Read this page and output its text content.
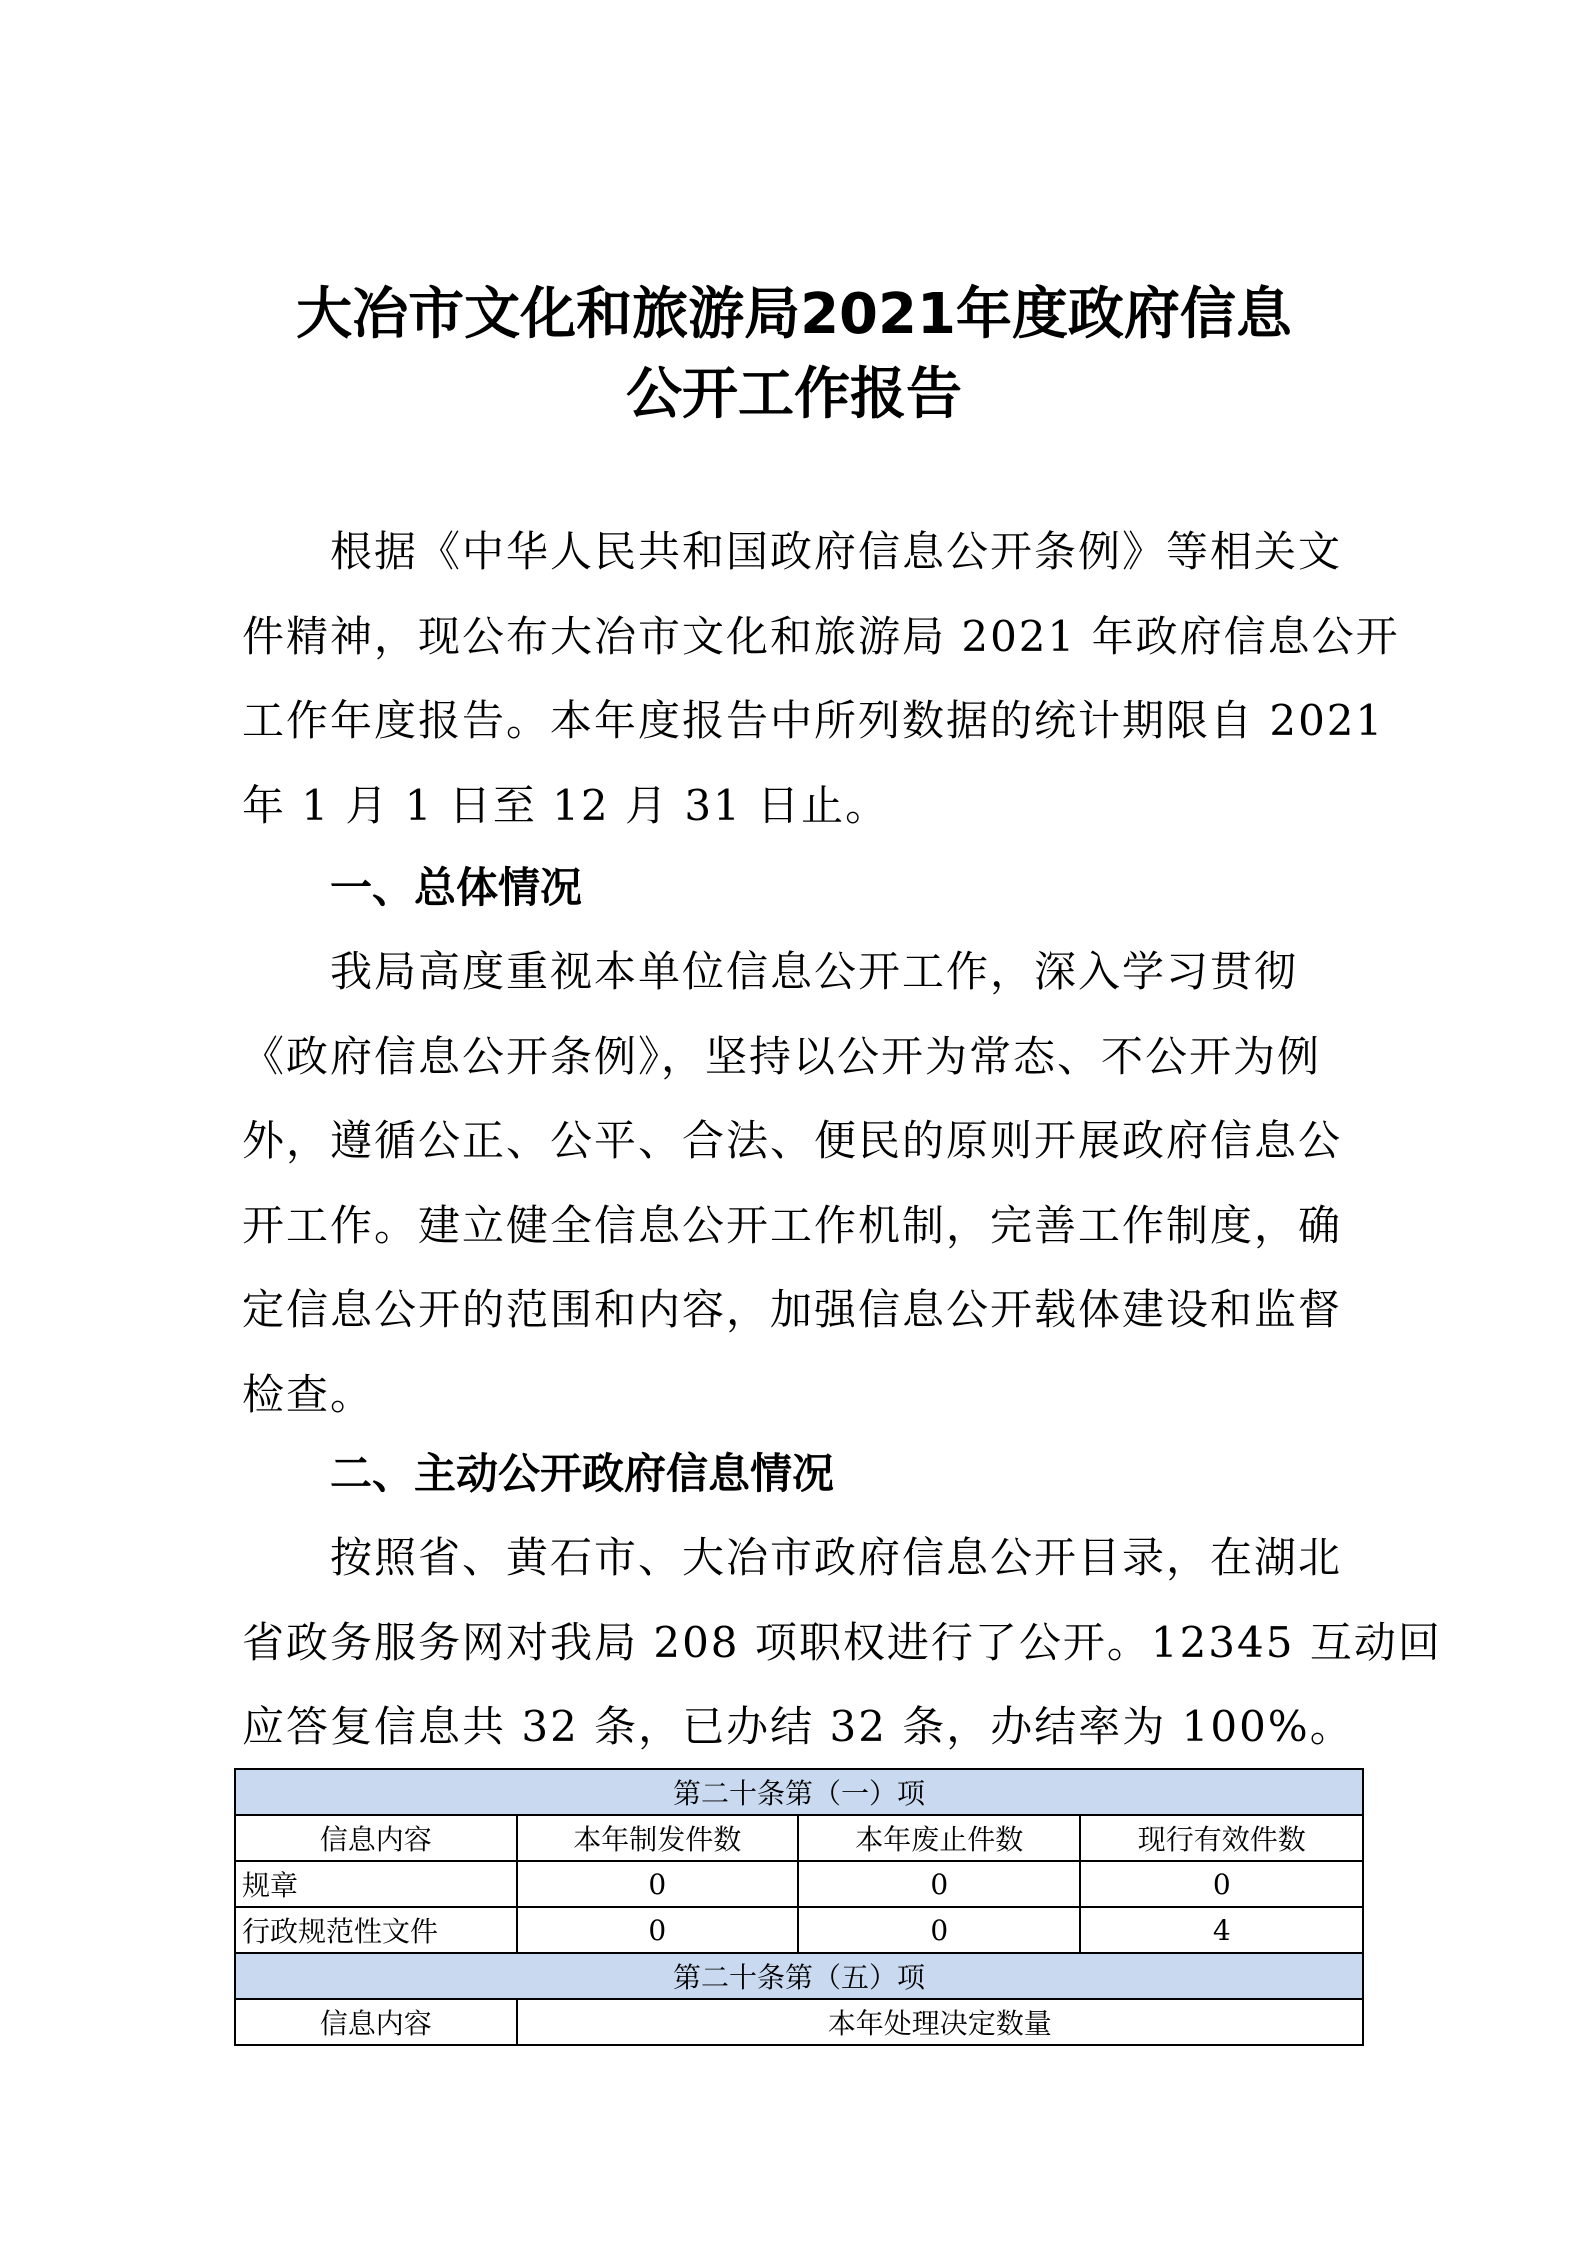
大冶市文化和旅游局2021年度政府信息
公开工作报告

　　根据《中华人民共和国政府信息公开条例》等相关文
件精神，现公布大冶市文化和旅游局 2021 年政府信息公开
工作年度报告。本年度报告中所列数据的统计期限自 2021
年 1 月 1 日至 12 月 31 日止。

一、总体情况

　　我局高度重视本单位信息公开工作，深入学习贯彻
《政府信息公开条例》，坚持以公开为常态、不公开为例
外，遵循公正、公平、合法、便民的原则开展政府信息公
开工作。建立健全信息公开工作机制，完善工作制度，确
定信息公开的范围和内容，加强信息公开载体建设和监督
检查。

二、主动公开政府信息情况

　　按照省、黄石市、大冶市政府信息公开目录，在湖北
省政务服务网对我局 208 项职权进行了公开。12345 互动回
应答复信息共 32 条，已办结 32 条，办结率为 100%。

第二十条第（一）项			
信息内容	本年制发件数	本年废止件数	现行有效件数
规章	0	0	0
行政规范性文件	0	0	4
第二十条第（五）项			
信息内容	本年处理决定数量		
